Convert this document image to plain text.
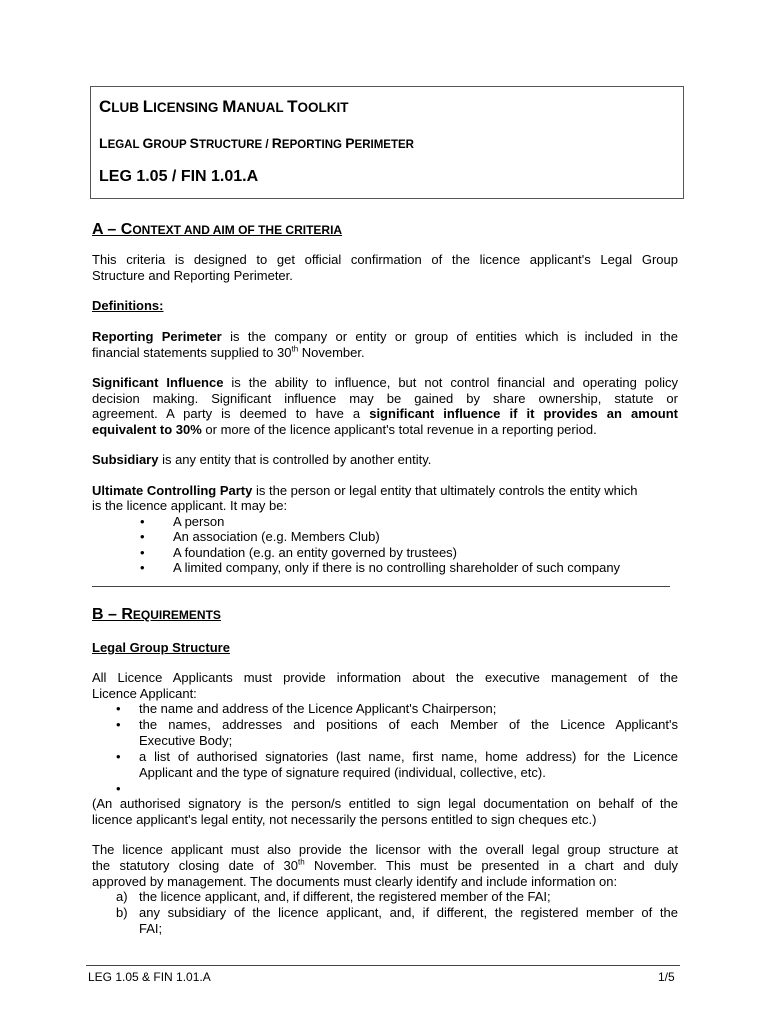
CLUB LICENSING MANUAL TOOLKIT
LEGAL GROUP STRUCTURE / REPORTING PERIMETER
LEG 1.05 / FIN 1.01.A
A – CONTEXT AND AIM OF THE CRITERIA
This criteria is designed to get official confirmation of the licence applicant's Legal Group
Structure and Reporting Perimeter.
Definitions:
Reporting Perimeter is the company or entity or group of entities which is included in the
financial statements supplied to 30th November.
Significant Influence is the ability to influence, but not control financial and operating policy
decision making. Significant influence may be gained by share ownership, statute or
agreement. A party is deemed to have a significant influence if it provides an amount
equivalent to 30% or more of the licence applicant's total revenue in a reporting period.
Subsidiary is any entity that is controlled by another entity.
Ultimate Controlling Party is the person or legal entity that ultimately controls the entity which
is the licence applicant. It may be:
• A person
• An association (e.g. Members Club)
• A foundation (e.g. an entity governed by trustees)
• A limited company, only if there is no controlling shareholder of such company
B – REQUIREMENTS
Legal Group Structure
All Licence Applicants must provide information about the executive management of the
Licence Applicant:
• the name and address of the Licence Applicant's Chairperson;
• the names, addresses and positions of each Member of the Licence Applicant's
Executive Body;
• a list of authorised signatories (last name, first name, home address) for the Licence
Applicant and the type of signature required (individual, collective, etc).
•
(An authorised signatory is the person/s entitled to sign legal documentation on behalf of the
licence applicant's legal entity, not necessarily the persons entitled to sign cheques etc.)
The licence applicant must also provide the licensor with the overall legal group structure at
the statutory closing date of 30th November. This must be presented in a chart and duly
approved by management. The documents must clearly identify and include information on:
a) the licence applicant, and, if different, the registered member of the FAI;
b) any subsidiary of the licence applicant, and, if different, the registered member of the
FAI;
LEG 1.05 & FIN 1.01.A	1/5
